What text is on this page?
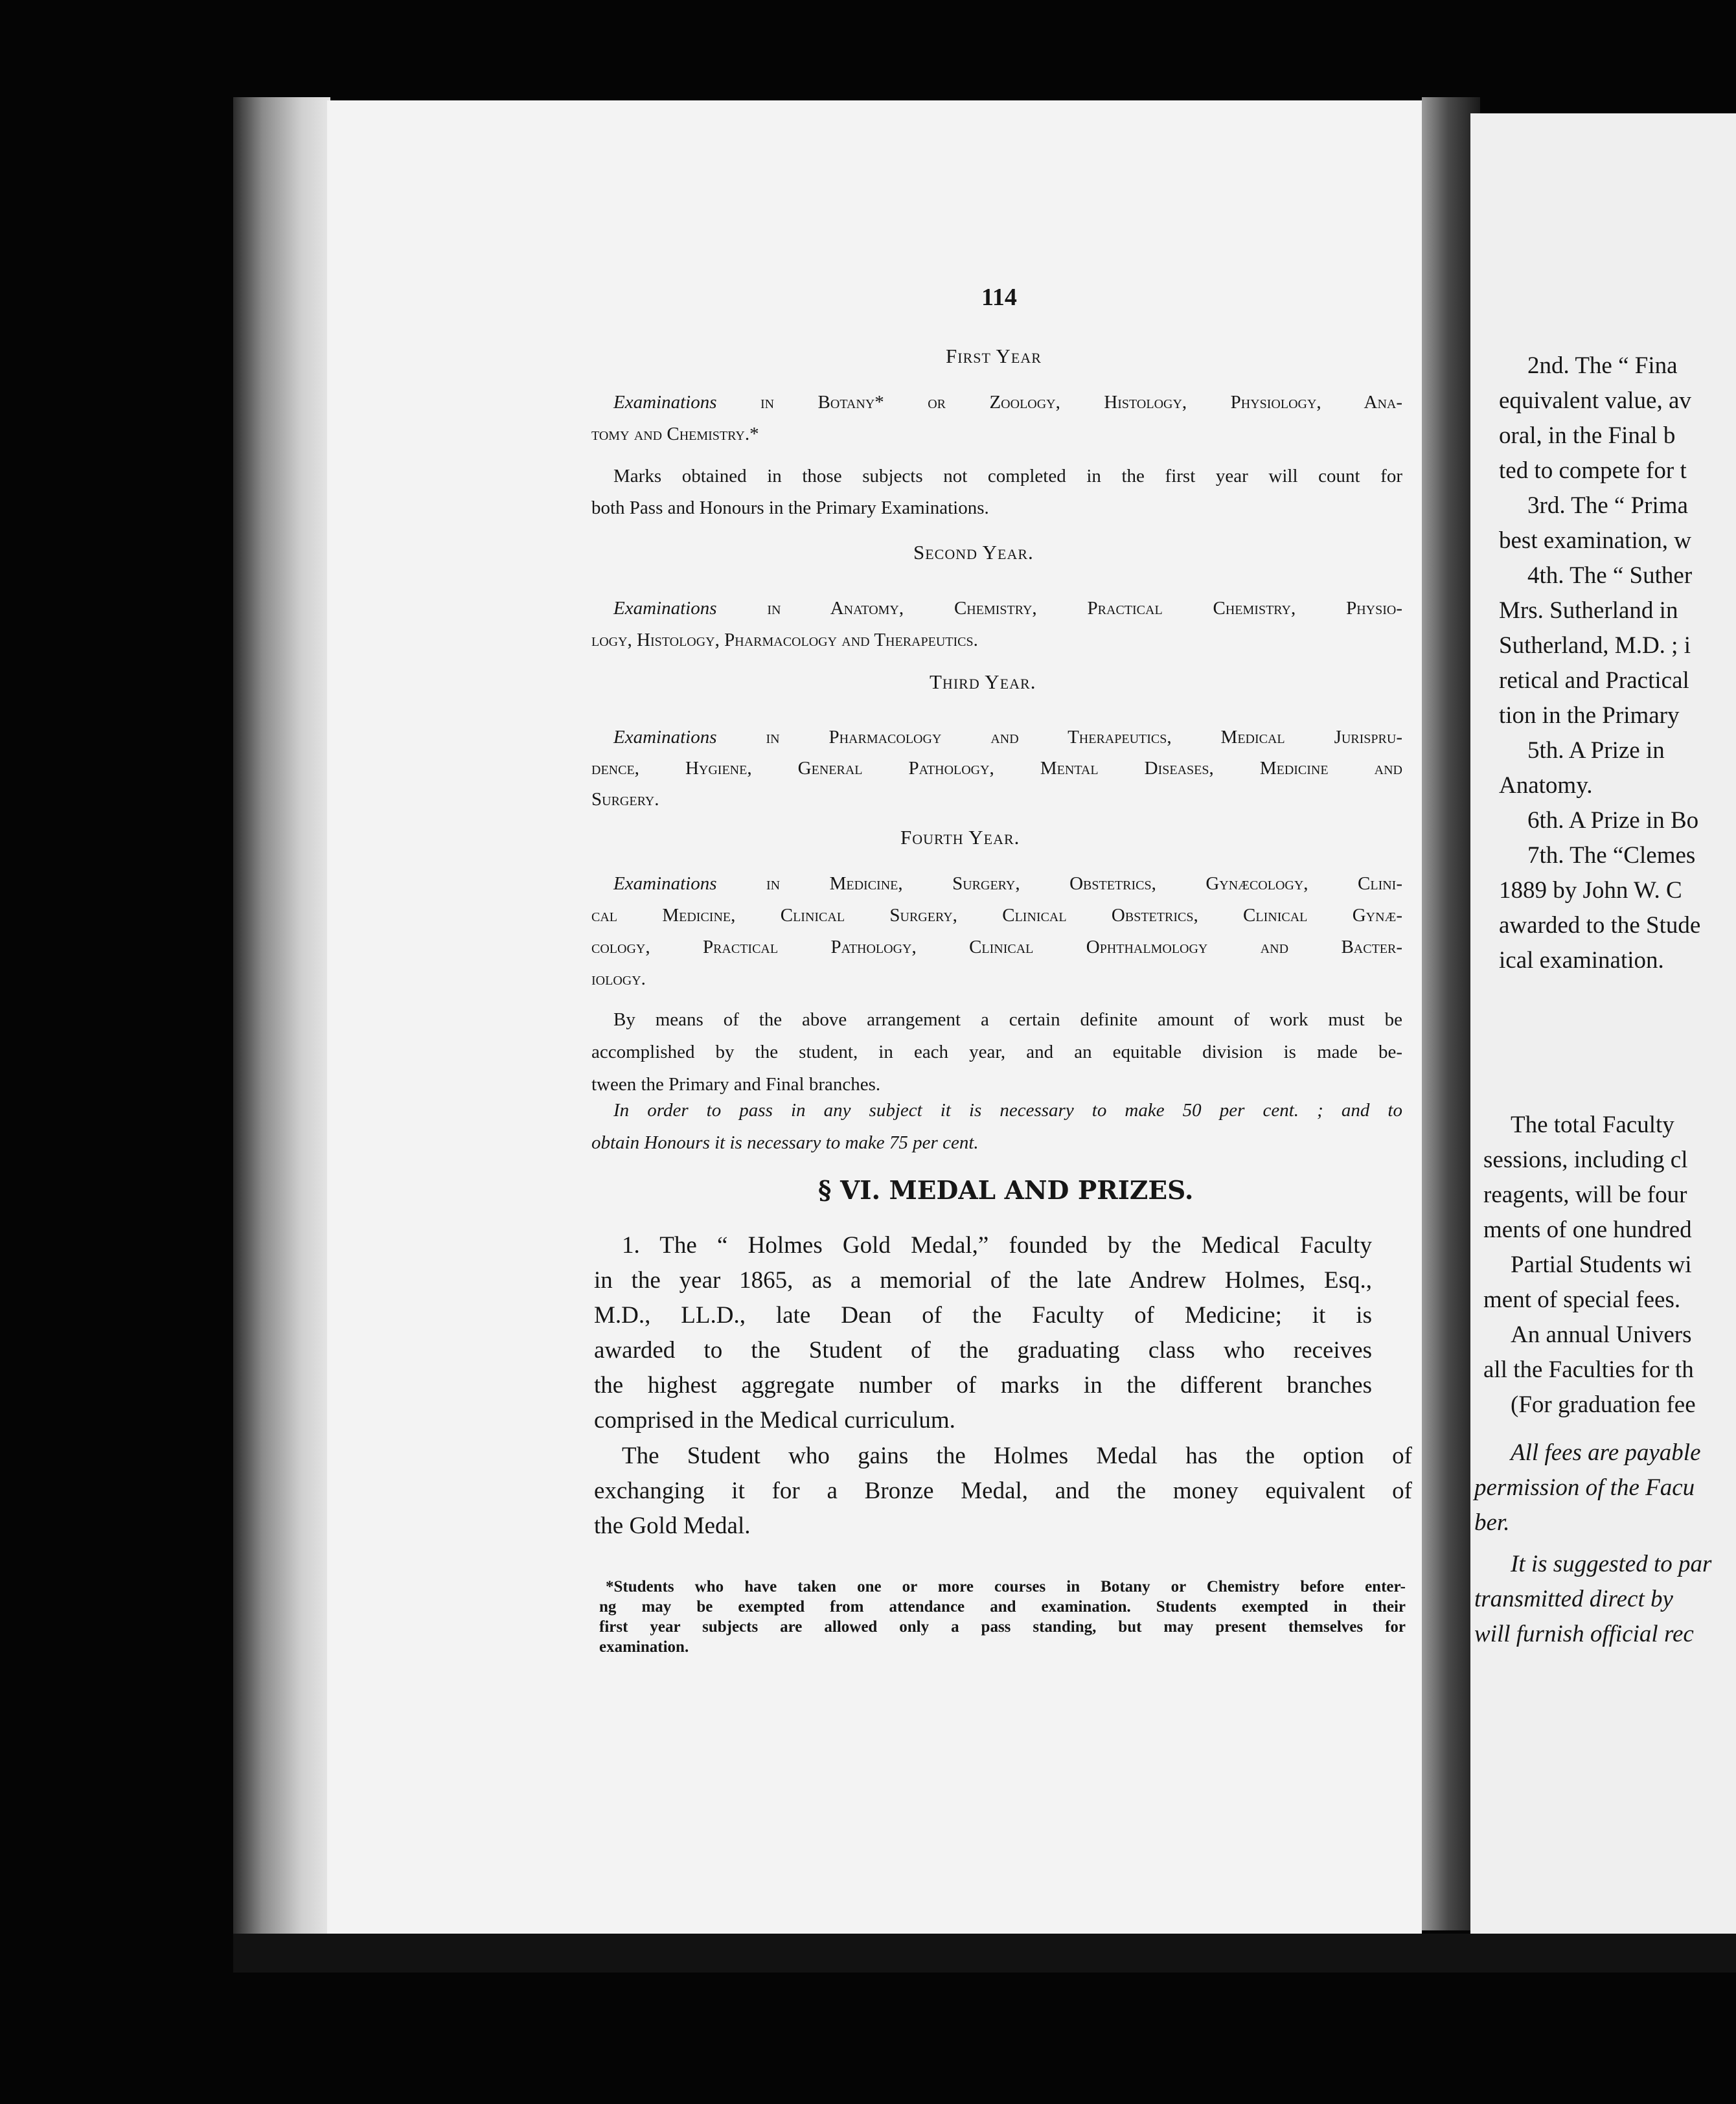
2nd. The “ Fina
equivalent value, av
oral, in the Final b
ted to compete for t
3rd. The “ Prima
best examination, w
4th. The “ Suther
Mrs. Sutherland in
Sutherland, M.D. ; i
retical and Practical
tion in the Primary
5th. A Prize in
Anatomy.
6th. A Prize in Bo
7th. The “Clemes
1889 by John W. C
awarded to the Stude
ical examination.
The total Faculty
sessions, including cl
reagents, will be four
ments of one hundred
Partial Students wi
ment of special fees.
An annual Univers
all the Faculties for th
(For graduation fee
All fees are payable
permission of the Facu
ber.
It is suggested to par
transmitted direct by
will furnish official rec
114
First Year
Examinations in Botany* or Zoology, Histology, Physiology, Ana-
tomy and Chemistry.*
Marks obtained in those subjects not completed in the first year will count for
both Pass and Honours in the Primary Examinations.
Second Year.
Examinations	in Anatomy, Chemistry, Practical Chemistry, Physio-
logy, Histology, Pharmacology and Therapeutics.
Third Year.
Examinations	in Pharmacology and Therapeutics, Medical Jurispru-
dence, Hygiene, General Pathology, Mental Diseases, Medicine and
Surgery.
Fourth Year.
Examinations	in Medicine, Surgery, Obstetrics, Gynæcology, Clini-
cal Medicine, Clinical Surgery, Clinical Obstetrics, Clinical Gynæ-
cology, Practical Pathology, Clinical Ophthalmology and Bacter-
iology.
By means of the above arrangement a certain definite amount of work must be
accomplished by the student, in each year, and an equitable division is made be-
tween the Primary and Final branches.
In order to pass in any subject it is necessary to make 50 per cent. ; and to
obtain Honours it is necessary to make 75 per cent.
§ VI. MEDAL AND PRIZES.
1. The “ Holmes Gold Medal,” founded by the Medical Faculty
in the year 1865, as a memorial of the late Andrew Holmes, Esq.,
M.D., LL.D., late Dean of the Faculty of Medicine; it is
awarded to the Student of the graduating class who receives
the highest aggregate number of marks in the different branches
comprised in the Medical curriculum.
The Student who gains the Holmes Medal has the option of
exchanging it for a Bronze Medal, and the money equivalent of
the Gold Medal.
*Students who have taken one or more courses in Botany or Chemistry before enter-
ng may be exempted from attendance and examination. Students exempted in their
first year subjects are allowed only a pass standing, but may present themselves for
examination.
